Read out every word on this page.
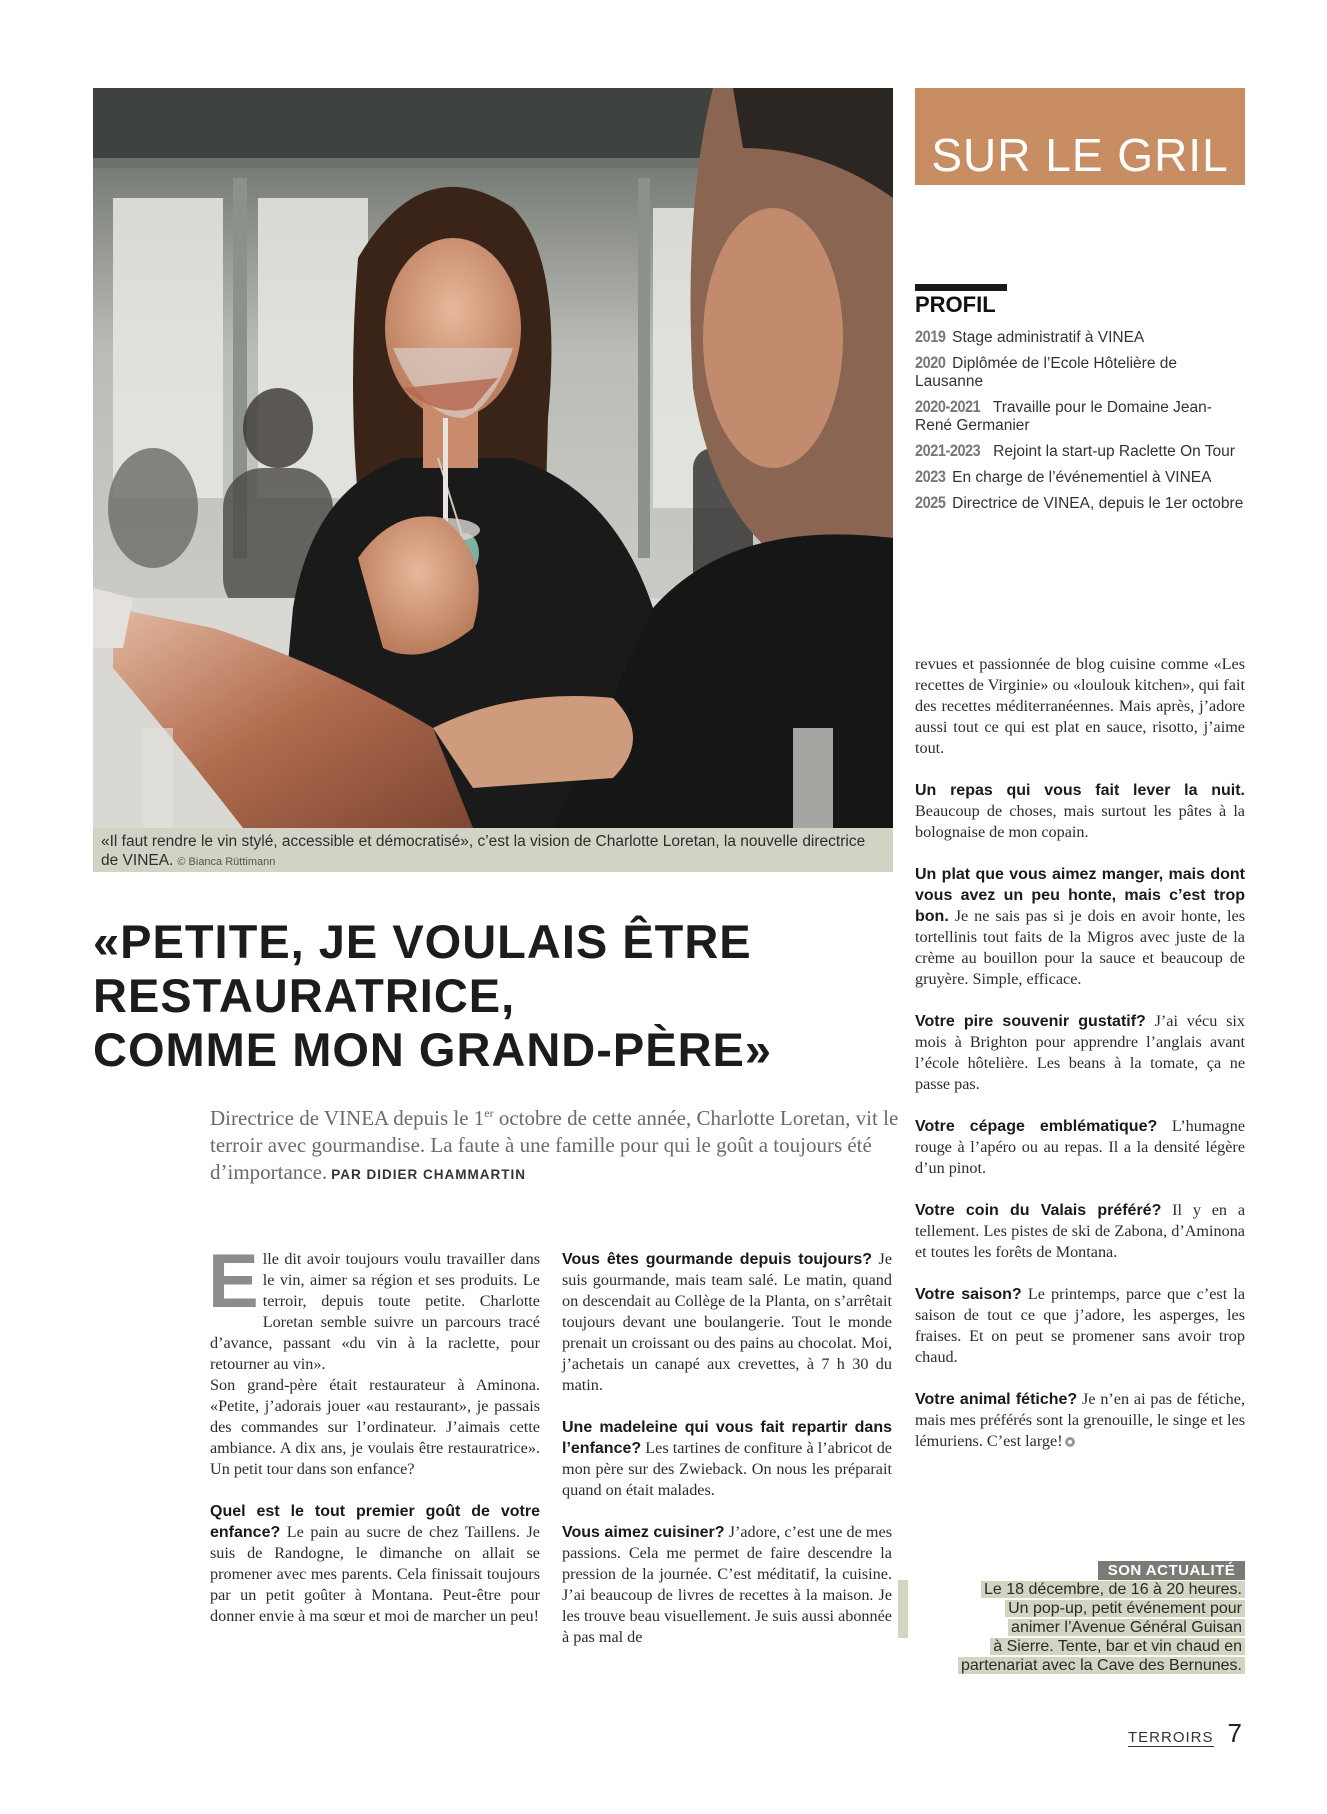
«Il faut rendre le vin stylé, accessible et démocratisé», c’est la vision de Charlotte Loretan, la nouvelle directrice de VINEA. © Bianca Rüttimann
SUR LE GRIL
PROFIL
2019 Stage administratif à VINEA
2020 Diplômée de l’Ecole Hôtelière de Lausanne
2020-2021 Travaille pour le Domaine Jean-René Germanier
2021-2023 Rejoint la start-up Raclette On Tour
2023 En charge de l’événementiel à VINEA
2025 Directrice de VINEA, depuis le 1er octobre
«PETITE, JE VOULAIS ÊTRE
RESTAURATRICE,
COMME MON GRAND-PÈRE»
Directrice de VINEA depuis le 1er octobre de cette année, Charlotte Loretan, vit le terroir avec gourmandise. La faute à une famille pour qui le goût a toujours été d’importance. PAR DIDIER CHAMMARTIN

Elle dit avoir toujours voulu travailler dans le vin, aimer sa région et ses produits. Le terroir, depuis toute petite. Charlotte Loretan semble suivre un parcours tracé d’avance, passant «du vin à la raclette, pour retourner au vin».

Son grand-père était restaurateur à Aminona. «Petite, j’adorais jouer «au restaurant», je passais des commandes sur l’ordinateur. J’aimais cette ambiance. A dix ans, je voulais être restauratrice». Un petit tour dans son enfance?

Quel est le tout premier goût de votre enfance? Le pain au sucre de chez Taillens. Je suis de Randogne, le dimanche on allait se promener avec mes parents. Cela finissait toujours par un petit goûter à Montana. Peut-être pour donner envie à ma sœur et moi de marcher un peu!

Vous êtes gourmande depuis toujours? Je suis gourmande, mais team salé. Le matin, quand on descendait au Collège de la Planta, on s’arrêtait toujours devant une boulangerie. Tout le monde prenait un croissant ou des pains au chocolat. Moi, j’achetais un canapé aux crevettes, à 7 h 30 du matin.

Une madeleine qui vous fait repartir dans l’enfance? Les tartines de confiture à l’abricot de mon père sur des Zwieback. On nous les préparait quand on était malades.

Vous aimez cuisiner? J’adore, c’est une de mes passions. Cela me permet de faire descendre la pression de la journée. C’est méditatif, la cuisine. J’ai beaucoup de livres de recettes à la maison. Je les trouve beau visuellement. Je suis aussi abonnée à pas mal de

revues et passionnée de blog cuisine comme «Les recettes de Virginie» ou «loulouk kitchen», qui fait des recettes méditerranéennes. Mais après, j’adore aussi tout ce qui est plat en sauce, risotto, j’aime tout.

Un repas qui vous fait lever la nuit. Beaucoup de choses, mais surtout les pâtes à la bolognaise de mon copain.

Un plat que vous aimez manger, mais dont vous avez un peu honte, mais c’est trop bon. Je ne sais pas si je dois en avoir honte, les tortellinis tout faits de la Migros avec juste de la crème au bouillon pour la sauce et beaucoup de gruyère. Simple, efficace.

Votre pire souvenir gustatif? J’ai vécu six mois à Brighton pour apprendre l’anglais avant l’école hôtelière. Les beans à la tomate, ça ne passe pas.

Votre cépage emblématique? L’humagne rouge à l’apéro ou au repas. Il a la densité légère d’un pinot.

Votre coin du Valais préféré? Il y en a tellement. Les pistes de ski de Zabona, d’Aminona et toutes les forêts de Montana.

Votre saison? Le printemps, parce que c’est la saison de tout ce que j’adore, les asperges, les fraises. Et on peut se promener sans avoir trop chaud.

Votre animal fétiche? Je n’en ai pas de fétiche, mais mes préférés sont la grenouille, le singe et les lémuriens. C’est large!

SON ACTUALITÉ
Le 18 décembre, de 16 à 20 heures.
Un pop-up, petit événement pour
animer l’Avenue Général Guisan
à Sierre. Tente, bar et vin chaud en
partenariat avec la Cave des Bernunes.
TERROIRS 7
